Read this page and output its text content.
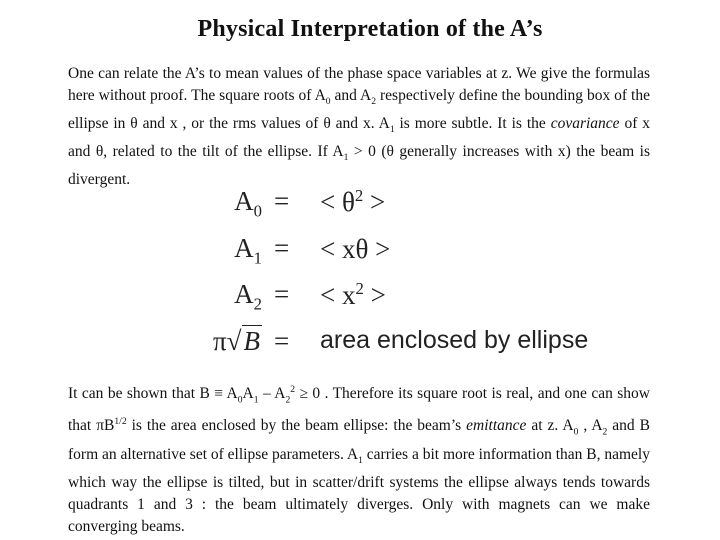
Physical Interpretation of the A’s
One can relate the A’s to mean values of the phase space variables at z. We give the formulas here without proof. The square roots of $A_0$ and $A_2$ respectively define the bounding box of the ellipse in θ and x , or the rms values of θ and x. $A_1$ is more subtle. It is the covariance of x and θ, related to the tilt of the ellipse. If $A_1 > 0$ (θ generally increases with x) the beam is divergent.
$A_0$ = < $\theta^2$ >
$A_1$ = < xθ >
$A_2$ = < $x^2$ >
π√B = area enclosed by ellipse
It can be shown that $B \equiv A_0A_1 - A_2^2 \ge 0$ . Therefore its square root is real, and one can show that $\pi B^{1/2}$ is the area enclosed by the beam ellipse: the beam’s emittance at z. $A_0$ , $A_2$ and B form an alternative set of ellipse parameters. $A_1$ carries a bit more information than B, namely which way the ellipse is tilted, but in scatter/drift systems the ellipse always tends towards quadrants 1 and 3 : the beam ultimately diverges. Only with magnets can we make converging beams.
